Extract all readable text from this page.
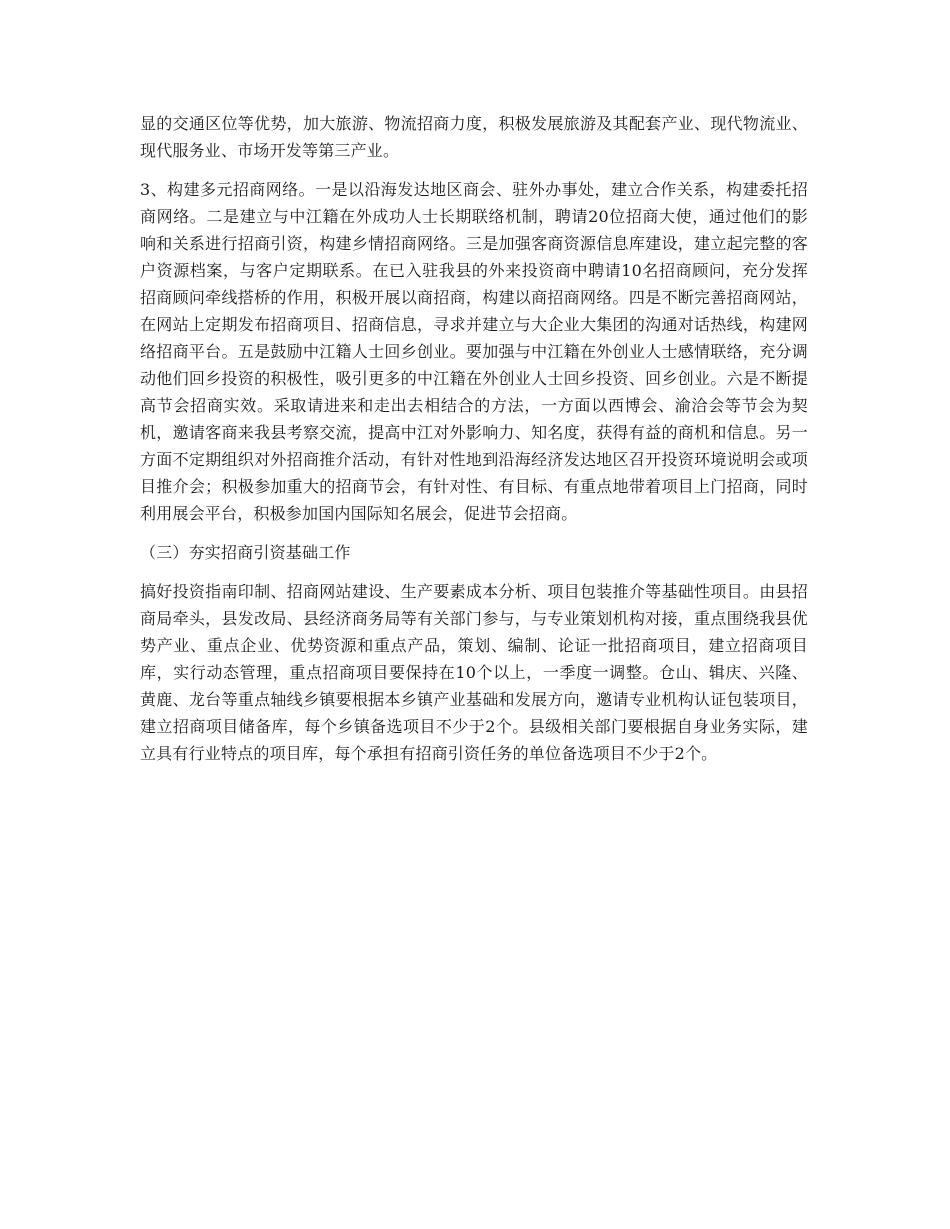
显的交通区位等优势，加大旅游、物流招商力度，积极发展旅游及其配套产业、现代物流业、现代服务业、市场开发等第三产业。

3、构建多元招商网络。一是以沿海发达地区商会、驻外办事处，建立合作关系，构建委托招商网络。二是建立与中江籍在外成功人士长期联络机制，聘请20位招商大使，通过他们的影响和关系进行招商引资，构建乡情招商网络。三是加强客商资源信息库建设，建立起完整的客户资源档案，与客户定期联系。在已入驻我县的外来投资商中聘请10名招商顾问，充分发挥招商顾问牵线搭桥的作用，积极开展以商招商，构建以商招商网络。四是不断完善招商网站，在网站上定期发布招商项目、招商信息，寻求并建立与大企业大集团的沟通对话热线，构建网络招商平台。五是鼓励中江籍人士回乡创业。要加强与中江籍在外创业人士感情联络，充分调动他们回乡投资的积极性，吸引更多的中江籍在外创业人士回乡投资、回乡创业。六是不断提高节会招商实效。采取请进来和走出去相结合的方法，一方面以西博会、渝洽会等节会为契机，邀请客商来我县考察交流，提高中江对外影响力、知名度，获得有益的商机和信息。另一方面不定期组织对外招商推介活动，有针对性地到沿海经济发达地区召开投资环境说明会或项目推介会；积极参加重大的招商节会，有针对性、有目标、有重点地带着项目上门招商，同时利用展会平台，积极参加国内国际知名展会，促进节会招商。

（三）夯实招商引资基础工作

搞好投资指南印制、招商网站建设、生产要素成本分析、项目包装推介等基础性项目。由县招商局牵头，县发改局、县经济商务局等有关部门参与，与专业策划机构对接，重点围绕我县优势产业、重点企业、优势资源和重点产品，策划、编制、论证一批招商项目，建立招商项目库，实行动态管理，重点招商项目要保持在10个以上，一季度一调整。仓山、辑庆、兴隆、黄鹿、龙台等重点轴线乡镇要根据本乡镇产业基础和发展方向，邀请专业机构认证包装项目，建立招商项目储备库，每个乡镇备选项目不少于2个。县级相关部门要根据自身业务实际，建立具有行业特点的项目库，每个承担有招商引资任务的单位备选项目不少于2个。
